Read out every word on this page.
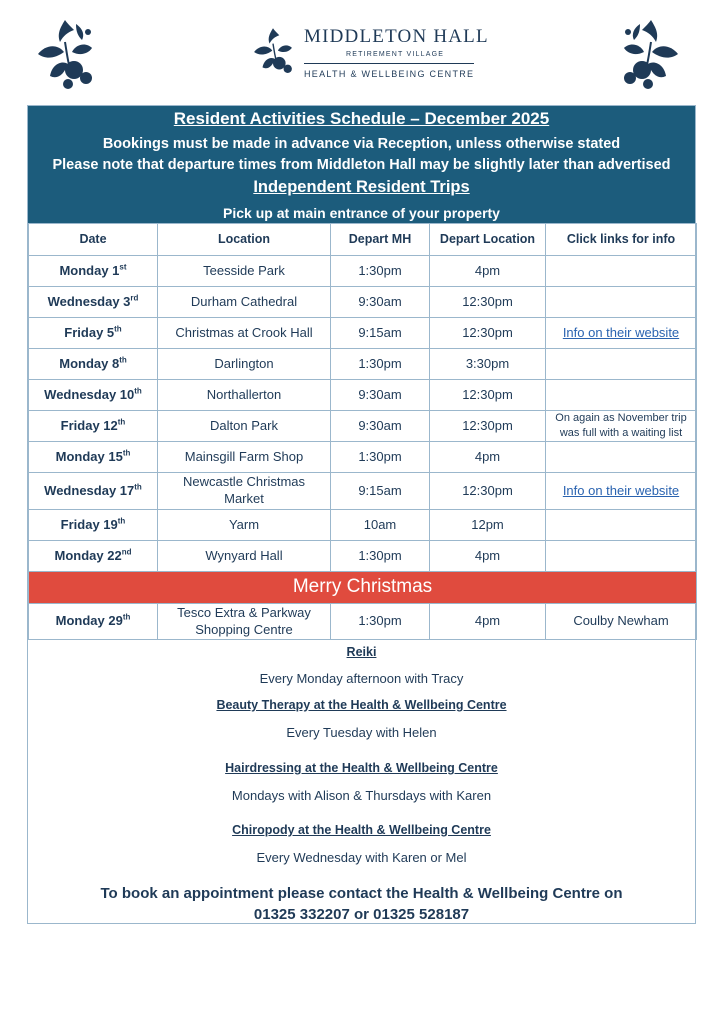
MIDDLETON HALL
RETIREMENT VILLAGE
HEALTH & WELLBEING CENTRE
Resident Activities Schedule – December 2025
Bookings must be made in advance via Reception, unless otherwise stated
Please note that departure times from Middleton Hall may be slightly later than advertised
Independent Resident Trips
Pick up at main entrance of your property
Date	Location	Depart MH	Depart Location	Click links for info
Monday 1st	Teesside Park	1:30pm	4pm	
Wednesday 3rd	Durham Cathedral	9:30am	12:30pm	
Friday 5th	Christmas at Crook Hall	9:15am	12:30pm	Info on their website
Monday 8th	Darlington	1:30pm	3:30pm	
Wednesday 10th	Northallerton	9:30am	12:30pm	
Friday 12th	Dalton Park	9:30am	12:30pm	On again as November trip was full with a waiting list
Monday 15th	Mainsgill Farm Shop	1:30pm	4pm	
Wednesday 17th	Newcastle Christmas Market	9:15am	12:30pm	Info on their website
Friday 19th	Yarm	10am	12pm	
Monday 22nd	Wynyard Hall	1:30pm	4pm	
Merry Christmas				
Monday 29th	Tesco Extra & Parkway Shopping Centre	1:30pm	4pm	Coulby Newham
Reiki
Every Monday afternoon with Tracy
Beauty Therapy at the Health & Wellbeing Centre
Every Tuesday with Helen
Hairdressing at the Health & Wellbeing Centre
Mondays with Alison & Thursdays with Karen
Chiropody at the Health & Wellbeing Centre
Every Wednesday with Karen or Mel
To book an appointment please contact the Health & Wellbeing Centre on
01325 332207 or 01325 528187
